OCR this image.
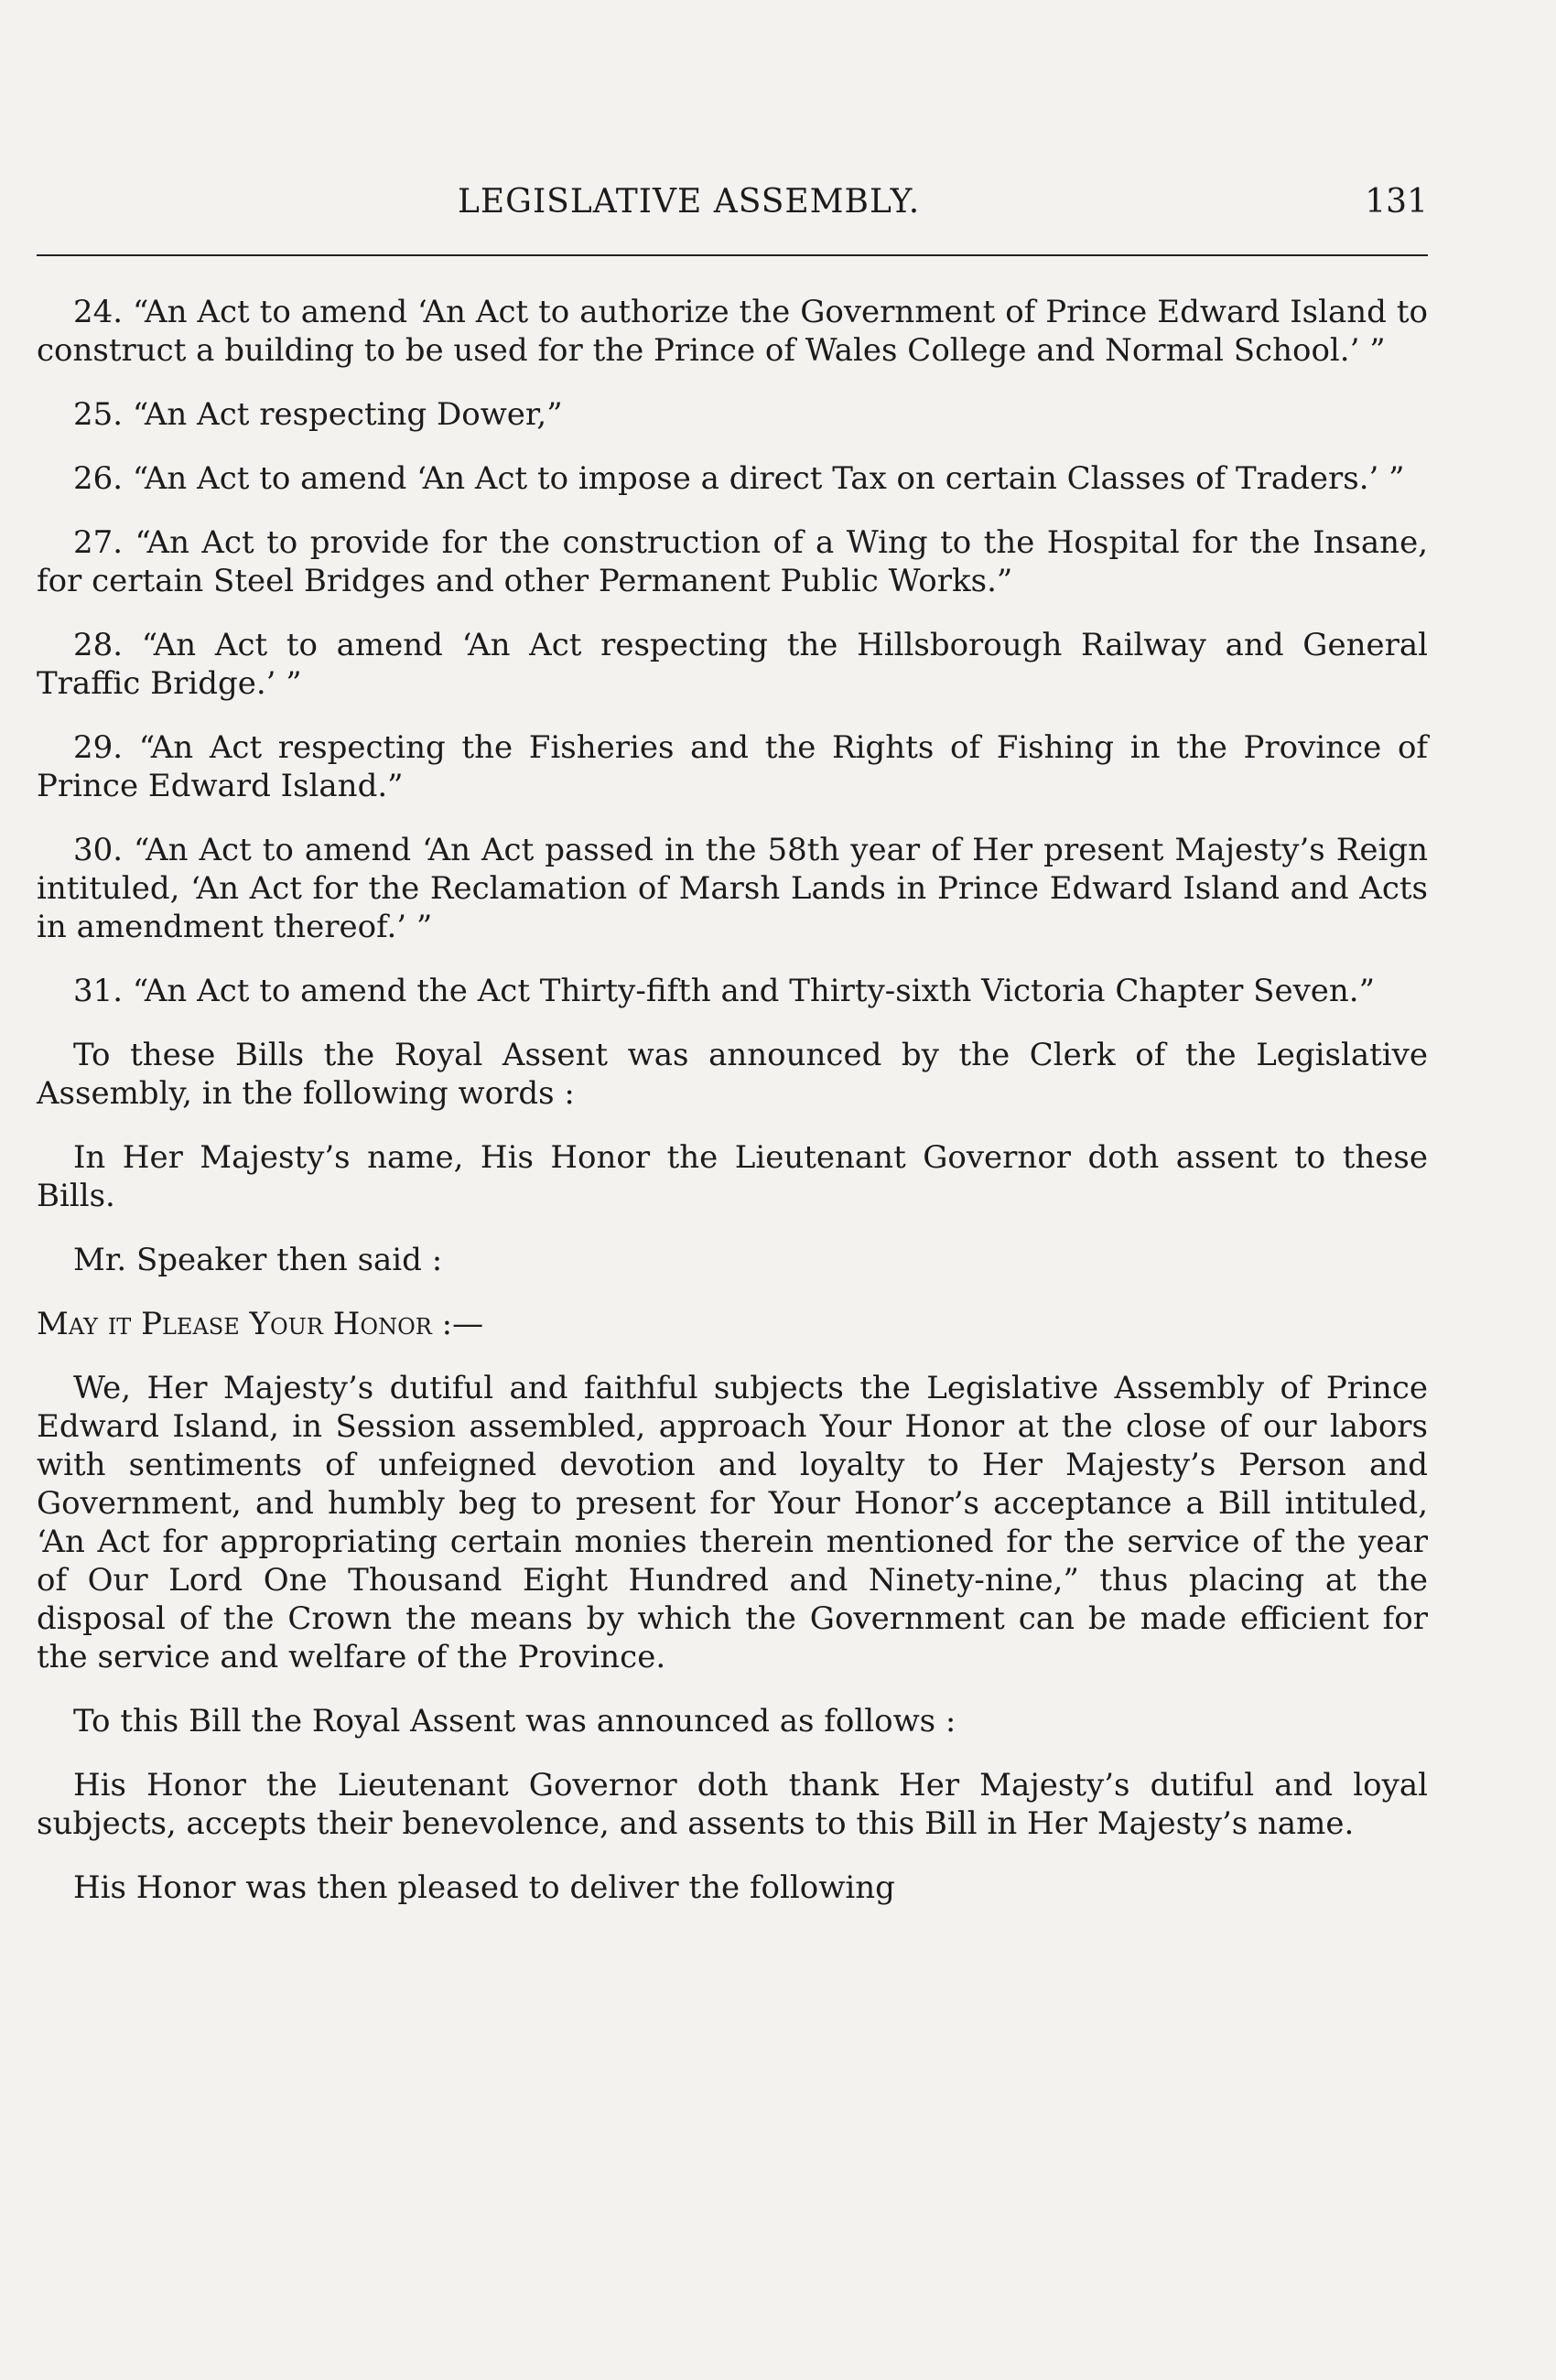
LEGISLATIVE ASSEMBLY.	131

24. “An Act to amend ‘An Act to authorize the Government of Prince Edward Island to construct a building to be used for the Prince of Wales College and Normal School.’ ”

25. “An Act respecting Dower,”

26. “An Act to amend ‘An Act to impose a direct Tax on certain Classes of Traders.’ ”

27. “An Act to provide for the construction of a Wing to the Hospital for the Insane, for certain Steel Bridges and other Permanent Public Works.”

28. “An Act to amend ‘An Act respecting the Hillsborough Railway and General Traffic Bridge.’ ”

29. “An Act respecting the Fisheries and the Rights of Fishing in the Province of Prince Edward Island.”

30. “An Act to amend ‘An Act passed in the 58th year of Her present Majesty’s Reign intituled, ‘An Act for the Reclamation of Marsh Lands in Prince Edward Island and Acts in amendment thereof.’ ”

31. “An Act to amend the Act Thirty-fifth and Thirty-sixth Victoria Chapter Seven.”

To these Bills the Royal Assent was announced by the Clerk of the Legislative Assembly, in the following words :

In Her Majesty’s name, His Honor the Lieutenant Governor doth assent to these Bills.

Mr. Speaker then said :

May it Please Your Honor :—

We, Her Majesty’s dutiful and faithful subjects the Legislative Assembly of Prince Edward Island, in Session assembled, approach Your Honor at the close of our labors with sentiments of unfeigned devotion and loyalty to Her Majesty’s Person and Government, and humbly beg to present for Your Honor’s acceptance a Bill intituled, ‘An Act for appropriating certain monies therein mentioned for the service of the year of Our Lord One Thousand Eight Hundred and Ninety-nine,” thus placing at the disposal of the Crown the means by which the Government can be made efficient for the service and welfare of the Province.

To this Bill the Royal Assent was announced as follows :

His Honor the Lieutenant Governor doth thank Her Majesty’s dutiful and loyal subjects, accepts their benevolence, and assents to this Bill in Her Majesty’s name.

His Honor was then pleased to deliver the following
